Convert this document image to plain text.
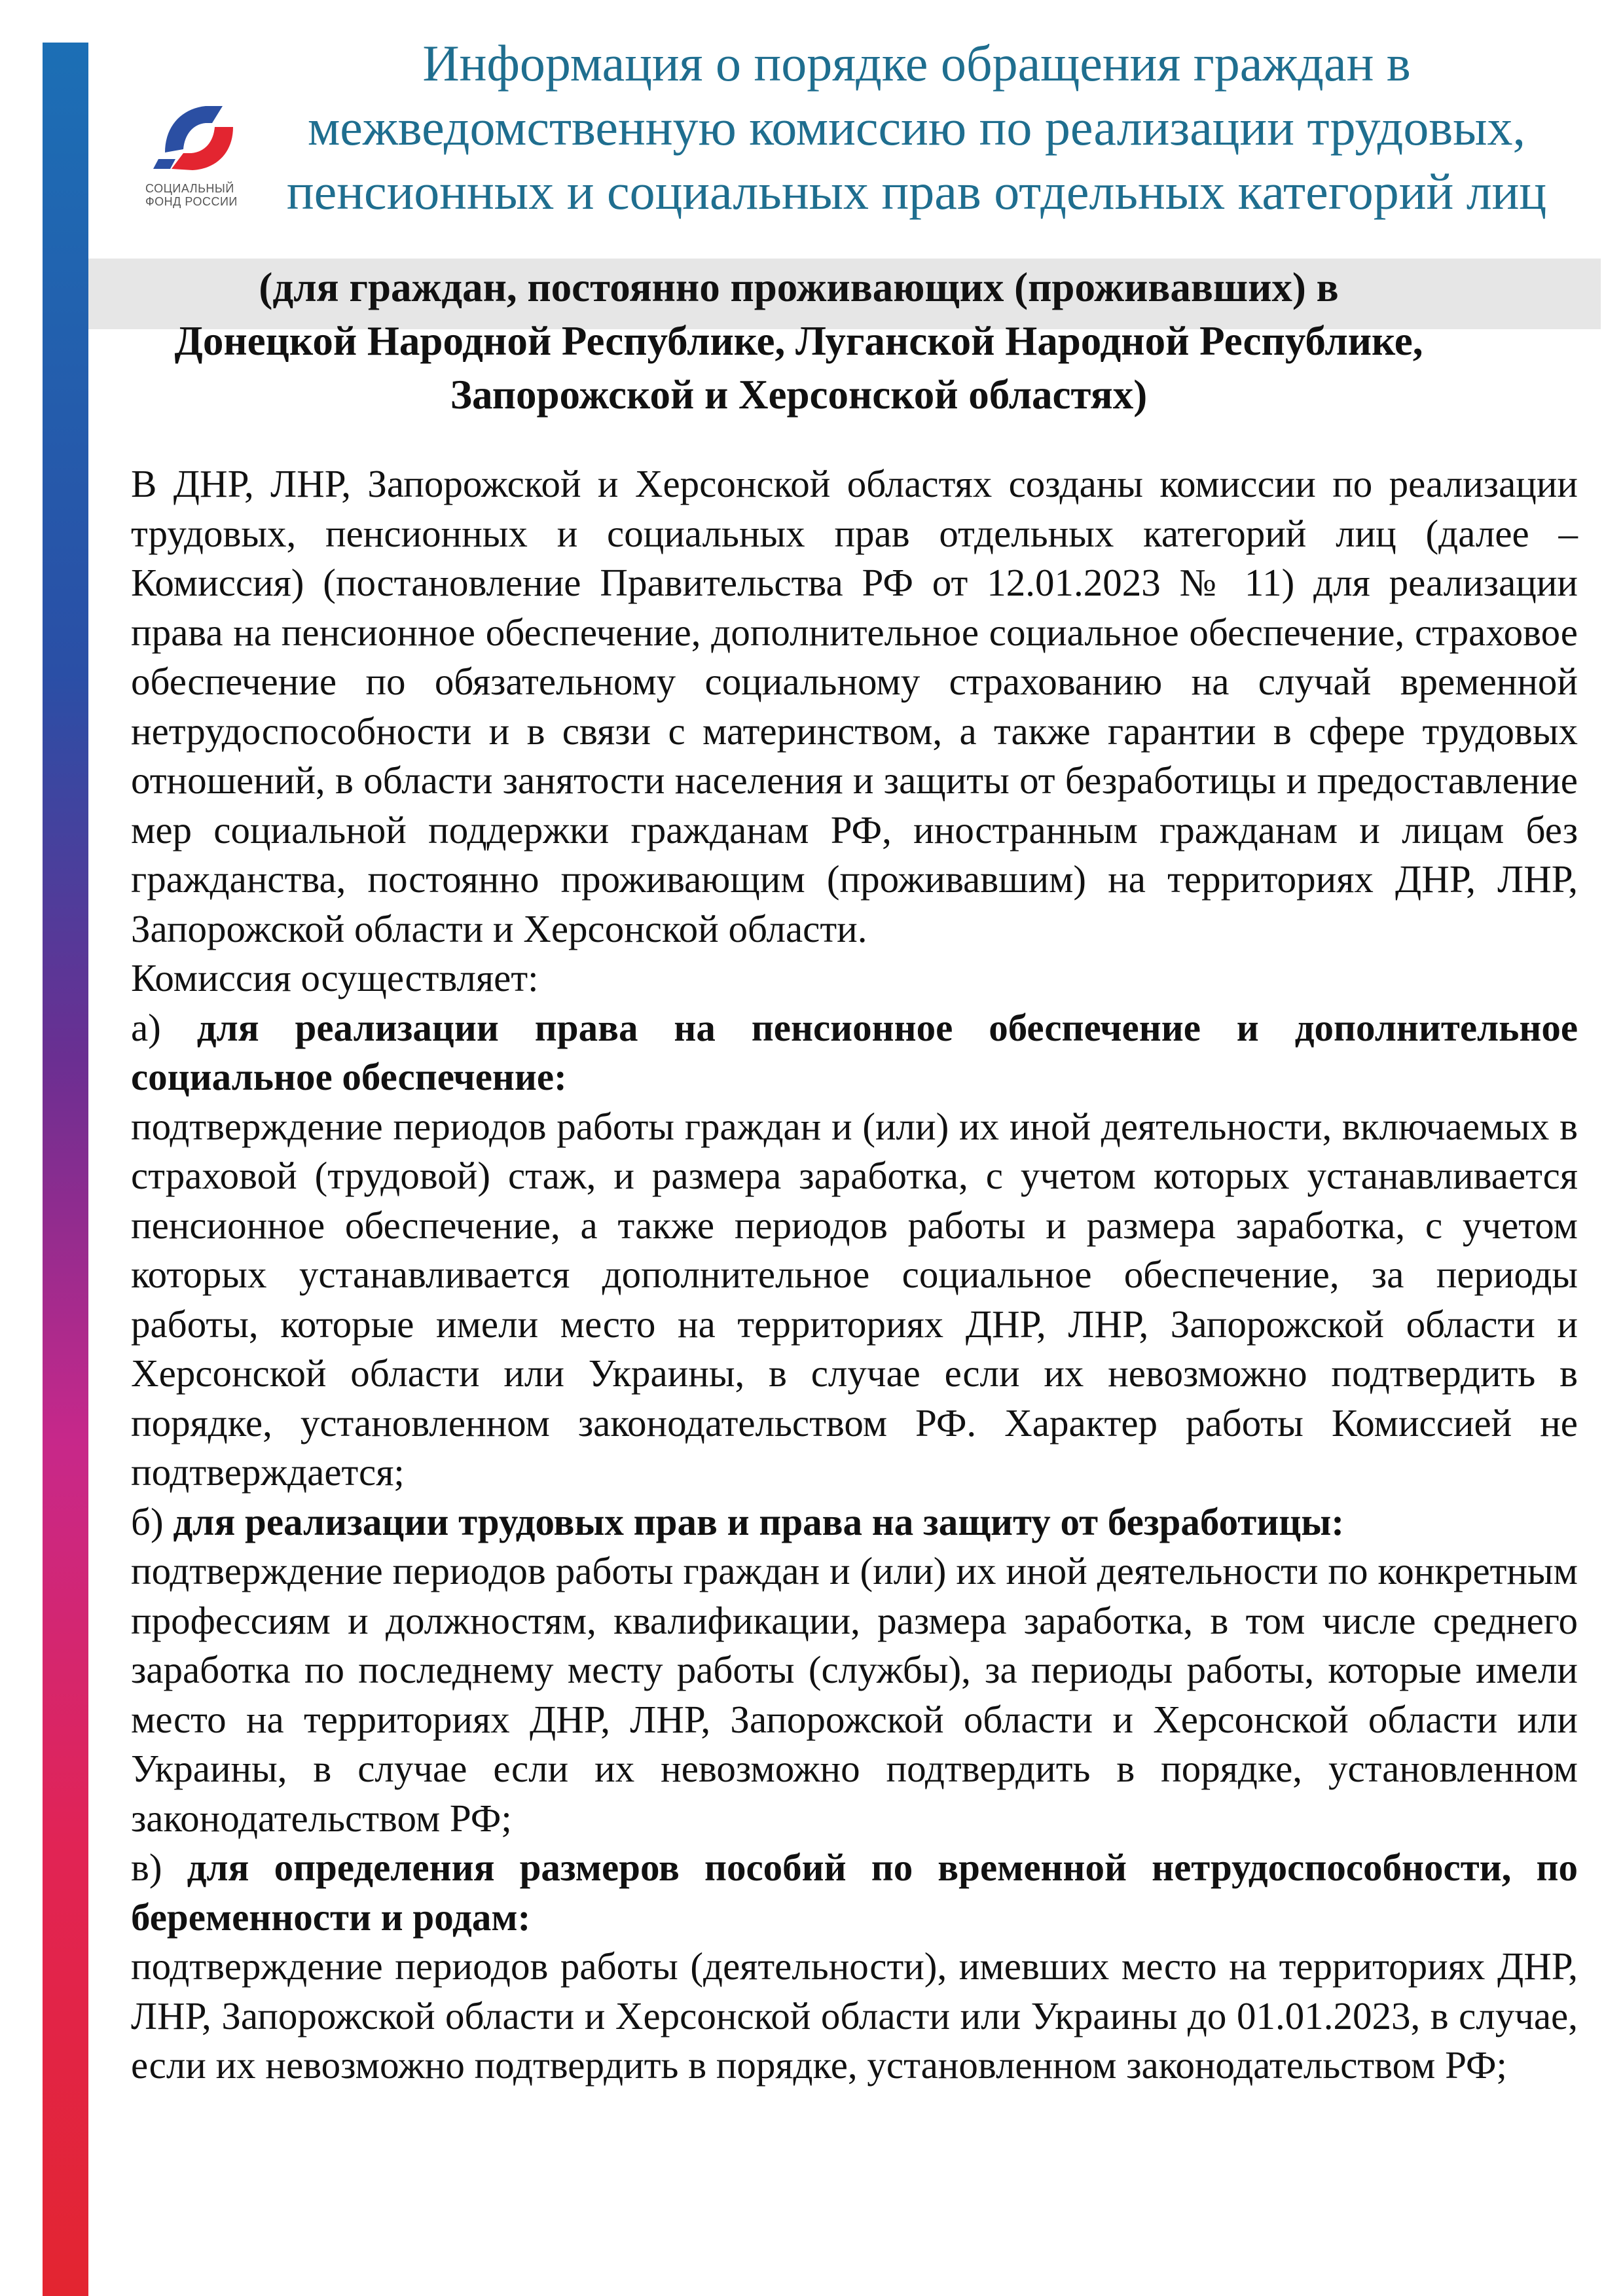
СОЦИАЛЬНЫЙ
ФОНД РОССИИ
Информация о порядке обращения граждан в
межведомственную комиссию по реализации трудовых,
пенсионных и социальных прав отдельных категорий лиц
(для граждан, постоянно проживающих (проживавших) в
Донецкой Народной Республике, Луганской Народной Республике,
Запорожской и Херсонской областях)

В ДНР, ЛНР, Запорожской и Херсонской областях созданы комиссии по реализации трудовых, пенсионных и социальных прав отдельных категорий лиц (далее – Комиссия) (постановление Правительства РФ от 12.01.2023 № 11) для реализации права на пенсионное обеспечение, дополнительное социальное обеспечение, страховое обеспечение по обязательному социальному страхованию на случай временной нетрудоспособности и в связи с материнством, а также гарантии в сфере трудовых отношений, в области занятости населения и защиты от безработицы и предоставление мер социальной поддержки гражданам РФ, иностранным гражданам и лицам без гражданства, постоянно проживающим (проживавшим) на территориях ДНР, ЛНР, Запорожской области и Херсонской области.

Комиссия осуществляет:

а) для реализации права на пенсионное обеспечение и дополнительное социальное обеспечение:

подтверждение периодов работы граждан и (или) их иной деятельности, включаемых в страховой (трудовой) стаж, и размера заработка, с учетом которых устанавливается пенсионное обеспечение, а также периодов работы и размера заработка, с учетом которых устанавливается дополнительное социальное обеспечение, за периоды работы, которые имели место на территориях ДНР, ЛНР, Запорожской области и Херсонской области или Украины, в случае если их невозможно подтвердить в порядке, установленном законодательством РФ. Характер работы Комиссией не подтверждается;

б) для реализации трудовых прав и права на защиту от безработицы:

подтверждение периодов работы граждан и (или) их иной деятельности по конкретным профессиям и должностям, квалификации, размера заработка, в том числе среднего заработка по последнему месту работы (службы), за периоды работы, которые имели место на территориях ДНР, ЛНР, Запорожской области и Херсонской области или Украины, в случае если их невозможно подтвердить в порядке, установленном законодательством РФ;

в) для определения размеров пособий по временной нетрудоспособности, по беременности и родам:

подтверждение периодов работы (деятельности), имевших место на территориях ДНР, ЛНР, Запорожской области и Херсонской области или Украины до 01.01.2023, в случае, если их невозможно подтвердить в порядке, установленном законодательством РФ;
